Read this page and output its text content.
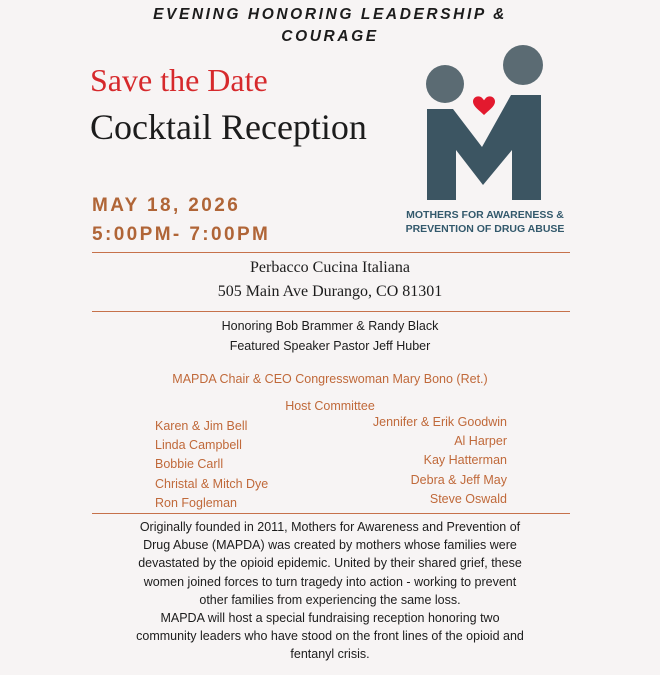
EVENING HONORING LEADERSHIP &
COURAGE
Save the Date
Cocktail Reception
MAY 18, 2026
5:00PM- 7:00PM
MOTHERS FOR AWARENESS &
PREVENTION OF DRUG ABUSE
Perbacco Cucina Italiana
505 Main Ave Durango, CO 81301
Honoring Bob Brammer & Randy Black
Featured Speaker Pastor Jeff Huber
MAPDA Chair & CEO Congresswoman Mary Bono (Ret.)
Host Committee
Karen & Jim Bell
Linda Campbell
Bobbie Carll
Christal & Mitch Dye
Ron Fogleman
Jennifer & Erik Goodwin
Al Harper
Kay Hatterman
Debra & Jeff May
Steve Oswald
Originally founded in 2011, Mothers for Awareness and Prevention of
Drug Abuse (MAPDA) was created by mothers whose families were
devastated by the opioid epidemic. United by their shared grief, these
women joined forces to turn tragedy into action - working to prevent
other families from experiencing the same loss.
MAPDA will host a special fundraising reception honoring two
community leaders who have stood on the front lines of the opioid and
fentanyl crisis.
